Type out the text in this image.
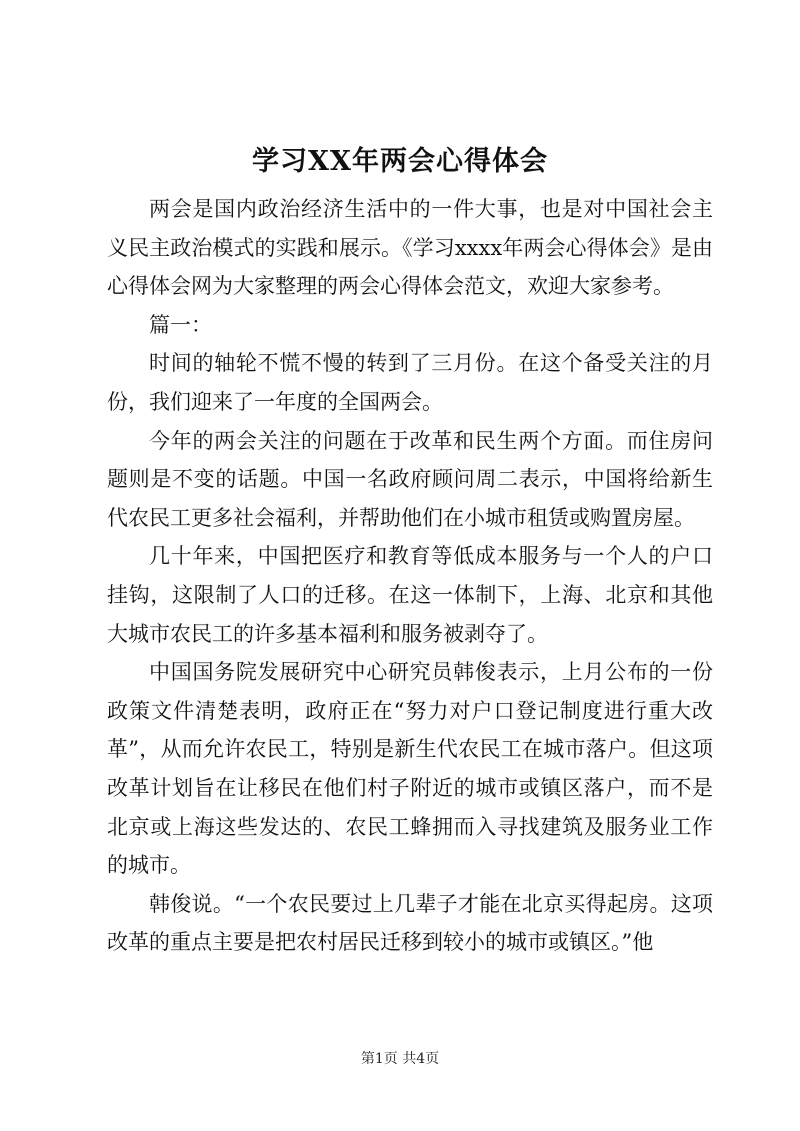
学习XX年两会心得体会

两会是国内政治经济生活中的一件大事，也是对中国社会主义民主政治模式的实践和展示。《学习xxxx年两会心得体会》是由心得体会网为大家整理的两会心得体会范文，欢迎大家参考。

篇一：

时间的轴轮不慌不慢的转到了三月份。在这个备受关注的月份，我们迎来了一年度的全国两会。

今年的两会关注的问题在于改革和民生两个方面。而住房问题则是不变的话题。中国一名政府顾问周二表示，中国将给新生代农民工更多社会福利，并帮助他们在小城市租赁或购置房屋。

几十年来，中国把医疗和教育等低成本服务与一个人的户口挂钩，这限制了人口的迁移。在这一体制下，上海、北京和其他大城市农民工的许多基本福利和服务被剥夺了。

中国国务院发展研究中心研究员韩俊表示，上月公布的一份政策文件清楚表明，政府正在“努力对户口登记制度进行重大改革”，从而允许农民工，特别是新生代农民工在城市落户。但这项改革计划旨在让移民在他们村子附近的城市或镇区落户，而不是北京或上海这些发达的、农民工蜂拥而入寻找建筑及服务业工作的城市。

韩俊说。“一个农民要过上几辈子才能在北京买得起房。这项改革的重点主要是把农村居民迁移到较小的城市或镇区。”他

第1页 共4页
